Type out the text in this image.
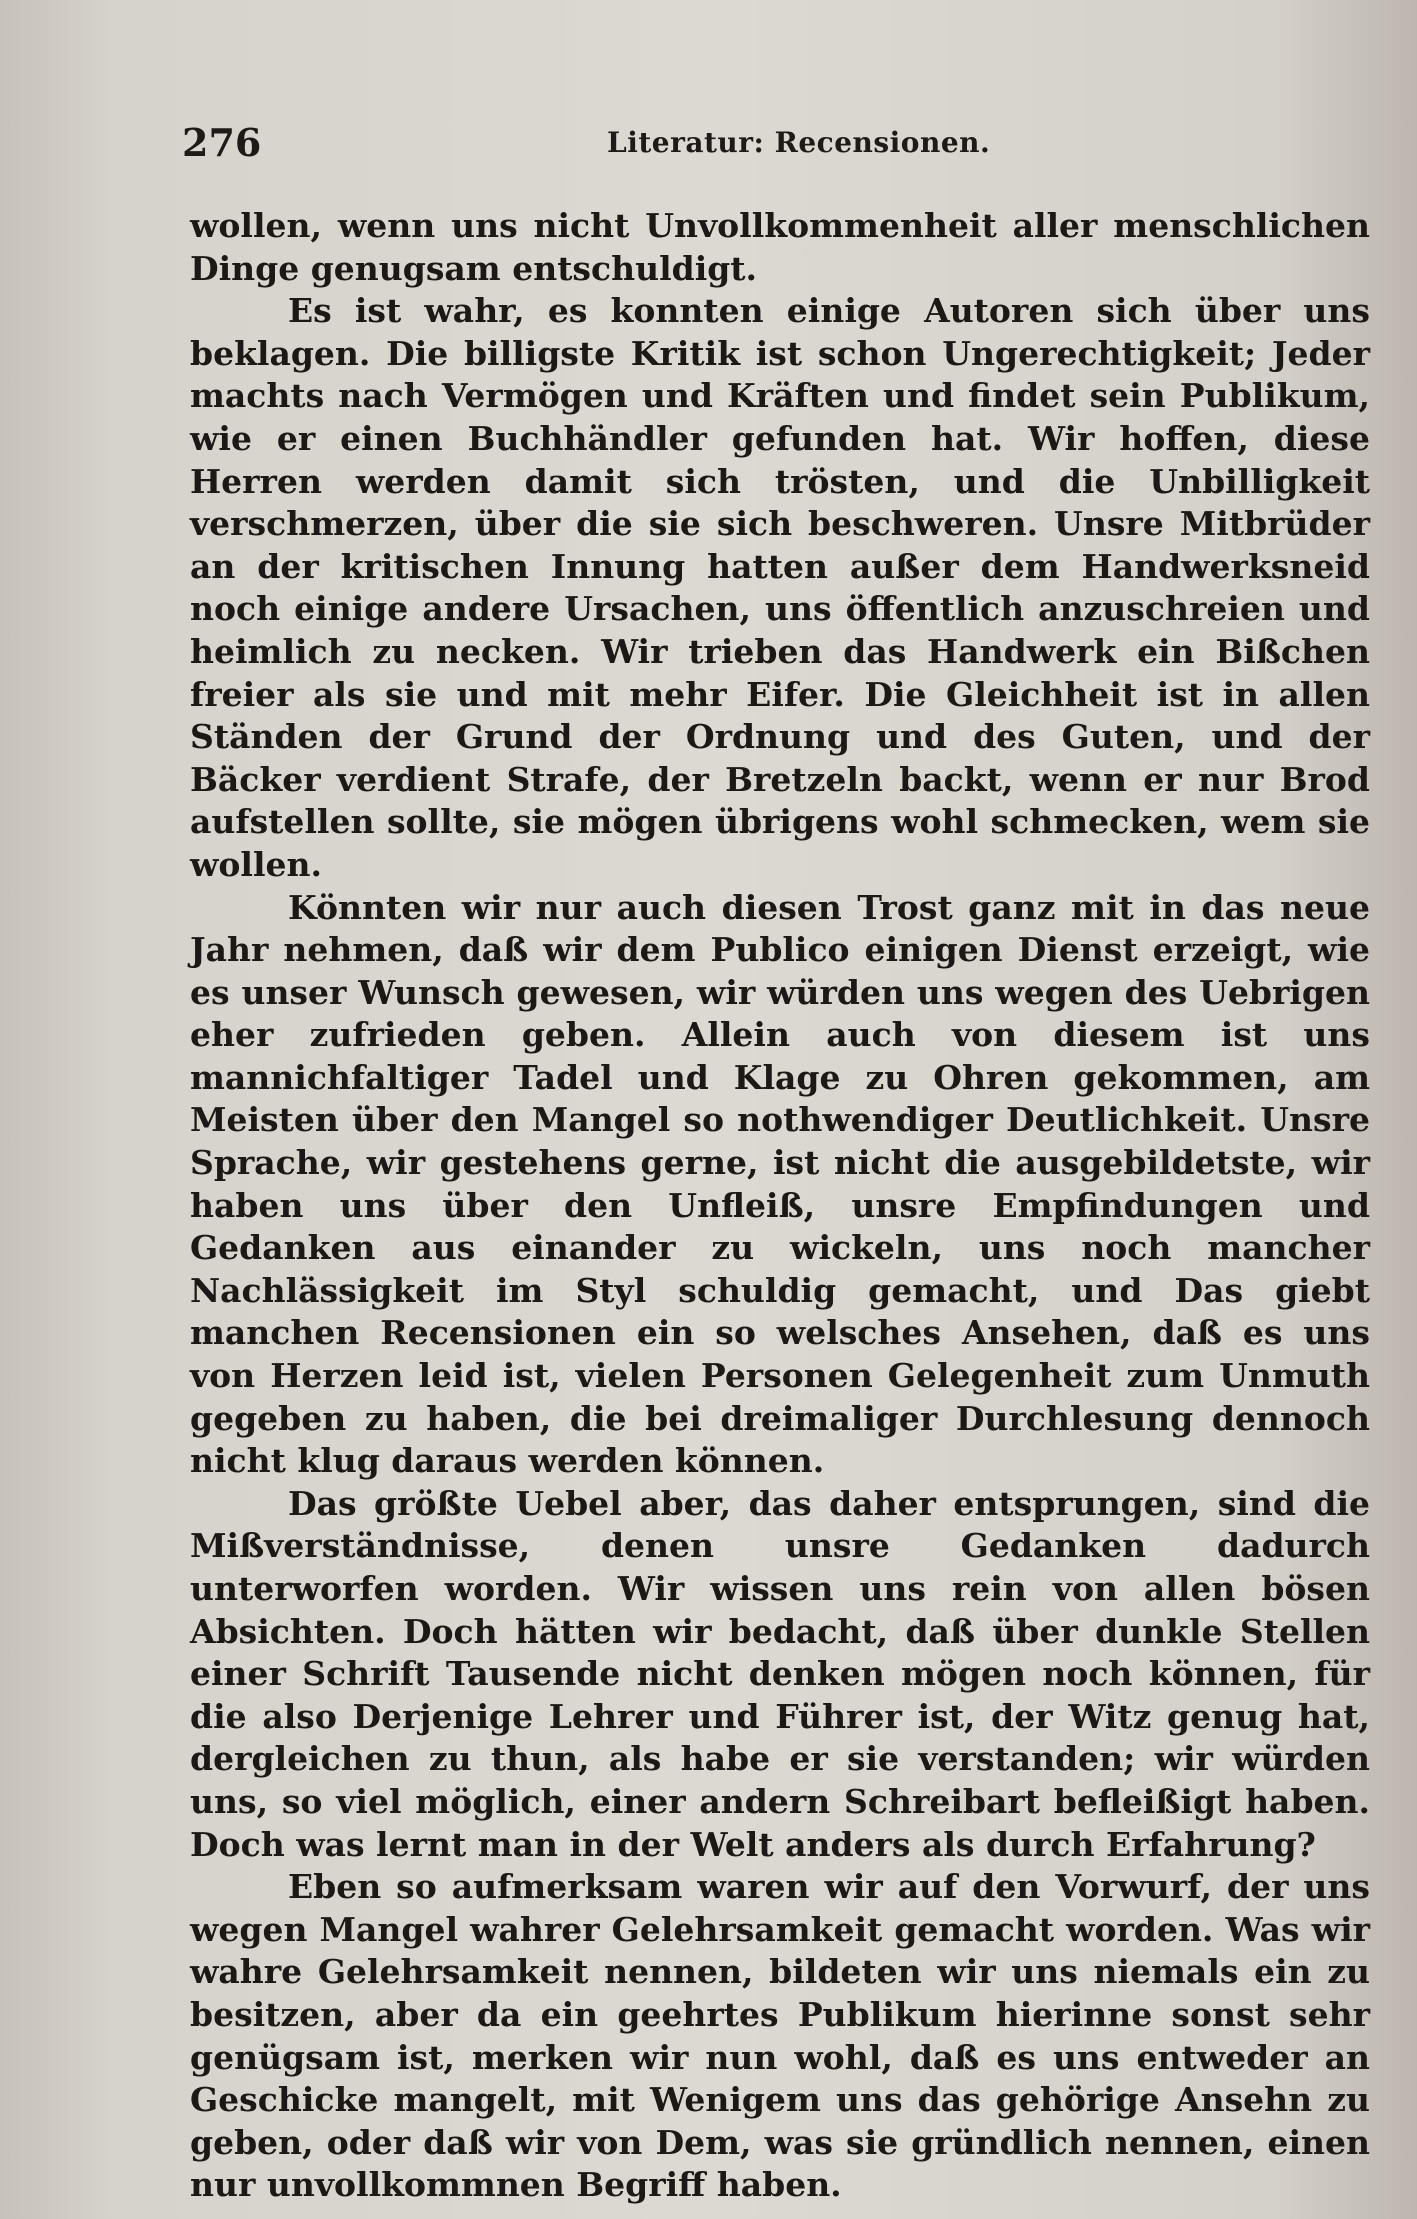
276	Literatur: Recensionen.

wollen, wenn uns nicht Unvollkommenheit aller menschlichen Dinge genugsam entschuldigt.

Es ist wahr, es konnten einige Autoren sich über uns beklagen. Die billigste Kritik ist schon Ungerechtigkeit; Jeder machts nach Vermögen und Kräften und findet sein Publikum, wie er einen Buchhändler gefunden hat. Wir hoffen, diese Herren werden damit sich trösten, und die Unbilligkeit verschmerzen, über die sie sich beschweren. Unsre Mitbrüder an der kritischen Innung hatten außer dem Handwerksneid noch einige andere Ursachen, uns öffentlich anzuschreien und heimlich zu necken. Wir trieben das Handwerk ein Bißchen freier als sie und mit mehr Eifer. Die Gleichheit ist in allen Ständen der Grund der Ordnung und des Guten, und der Bäcker verdient Strafe, der Bretzeln backt, wenn er nur Brod aufstellen sollte, sie mögen übrigens wohl schmecken, wem sie wollen.

Könnten wir nur auch diesen Trost ganz mit in das neue Jahr nehmen, daß wir dem Publico einigen Dienst erzeigt, wie es unser Wunsch gewesen, wir würden uns wegen des Uebrigen eher zufrieden geben. Allein auch von diesem ist uns mannichfaltiger Tadel und Klage zu Ohren gekommen, am Meisten über den Mangel so nothwendiger Deutlichkeit. Unsre Sprache, wir gestehens gerne, ist nicht die ausgebildetste, wir haben uns über den Unfleiß, unsre Empfindungen und Gedanken aus einander zu wickeln, uns noch mancher Nachlässigkeit im Styl schuldig gemacht, und Das giebt manchen Recensionen ein so welsches Ansehen, daß es uns von Herzen leid ist, vielen Personen Gelegenheit zum Unmuth gegeben zu haben, die bei dreimaliger Durchlesung dennoch nicht klug daraus werden können.

Das größte Uebel aber, das daher entsprungen, sind die Mißverständnisse, denen unsre Gedanken dadurch unterworfen worden. Wir wissen uns rein von allen bösen Absichten. Doch hätten wir bedacht, daß über dunkle Stellen einer Schrift Tausende nicht denken mögen noch können, für die also Derjenige Lehrer und Führer ist, der Witz genug hat, dergleichen zu thun, als habe er sie verstanden; wir würden uns, so viel möglich, einer andern Schreibart befleißigt haben. Doch was lernt man in der Welt anders als durch Erfahrung?

Eben so aufmerksam waren wir auf den Vorwurf, der uns wegen Mangel wahrer Gelehrsamkeit gemacht worden. Was wir wahre Gelehrsamkeit nennen, bildeten wir uns niemals ein zu besitzen, aber da ein geehrtes Publikum hierinne sonst sehr genügsam ist, merken wir nun wohl, daß es uns entweder an Geschicke mangelt, mit Wenigem uns das gehörige Ansehn zu geben, oder daß wir von Dem, was sie gründlich nennen, einen nur unvollkommnen Begriff haben.
